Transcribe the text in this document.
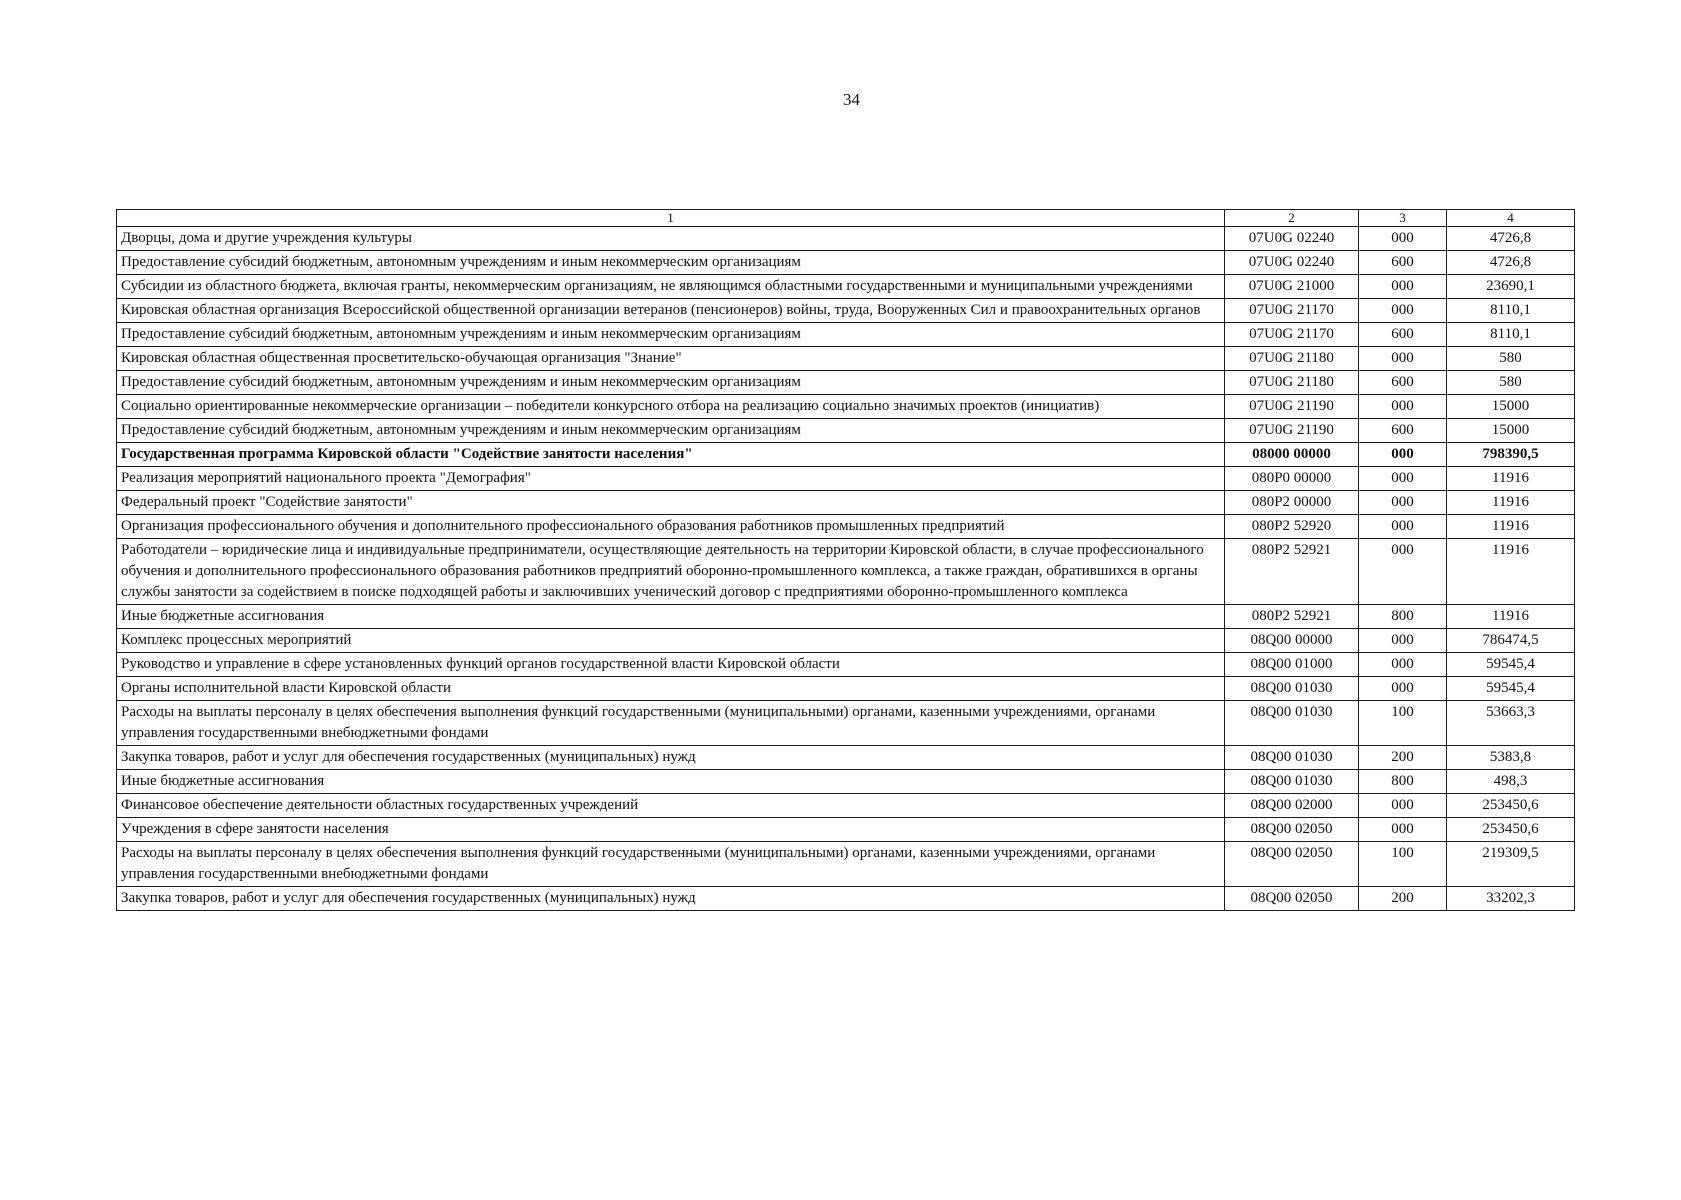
34
1	2	3	4
Дворцы, дома и другие учреждения культуры	07U0G 02240	000	4726,8
Предоставление субсидий бюджетным, автономным учреждениям и иным некоммерческим организациям	07U0G 02240	600	4726,8
Субсидии из областного бюджета, включая гранты, некоммерческим организациям, не являющимся областными государственными и муниципальными учреждениями	07U0G 21000	000	23690,1
Кировская областная организация Всероссийской общественной организации ветеранов (пенсионеров) войны, труда, Вооруженных Сил и правоохранительных органов	07U0G 21170	000	8110,1
Предоставление субсидий бюджетным, автономным учреждениям и иным некоммерческим организациям	07U0G 21170	600	8110,1
Кировская областная общественная просветительско-обучающая организация "Знание"	07U0G 21180	000	580
Предоставление субсидий бюджетным, автономным учреждениям и иным некоммерческим организациям	07U0G 21180	600	580
Социально ориентированные некоммерческие организации – победители конкурсного отбора на реализацию социально значимых проектов (инициатив)	07U0G 21190	000	15000
Предоставление субсидий бюджетным, автономным учреждениям и иным некоммерческим организациям	07U0G 21190	600	15000
Государственная программа Кировской области "Содействие занятости населения"	08000 00000	000	798390,5
Реализация мероприятий национального проекта "Демография"	080P0 00000	000	11916
Федеральный проект "Содействие занятости"	080P2 00000	000	11916
Организация профессионального обучения и дополнительного профессионального образования работников промышленных предприятий	080P2 52920	000	11916
Работодатели – юридические лица и индивидуальные предприниматели, осуществляющие деятельность на территории Кировской области, в случае профессионального обучения и дополнительного профессионального образования работников предприятий оборонно-промышленного комплекса, а также граждан, обратившихся в органы службы занятости за содействием в поиске подходящей работы и заключивших ученический договор с предприятиями оборонно-промышленного комплекса	080P2 52921	000	11916
Иные бюджетные ассигнования	080P2 52921	800	11916
Комплекс процессных мероприятий	08Q00 00000	000	786474,5
Руководство и управление в сфере установленных функций органов государственной власти Кировской области	08Q00 01000	000	59545,4
Органы исполнительной власти Кировской области	08Q00 01030	000	59545,4
Расходы на выплаты персоналу в целях обеспечения выполнения функций государственными (муниципальными) органами, казенными учреждениями, органами управления государственными внебюджетными фондами	08Q00 01030	100	53663,3
Закупка товаров, работ и услуг для обеспечения государственных (муниципальных) нужд	08Q00 01030	200	5383,8
Иные бюджетные ассигнования	08Q00 01030	800	498,3
Финансовое обеспечение деятельности областных государственных учреждений	08Q00 02000	000	253450,6
Учреждения в сфере занятости населения	08Q00 02050	000	253450,6
Расходы на выплаты персоналу в целях обеспечения выполнения функций государственными (муниципальными) органами, казенными учреждениями, органами управления государственными внебюджетными фондами	08Q00 02050	100	219309,5
Закупка товаров, работ и услуг для обеспечения государственных (муниципальных) нужд	08Q00 02050	200	33202,3
